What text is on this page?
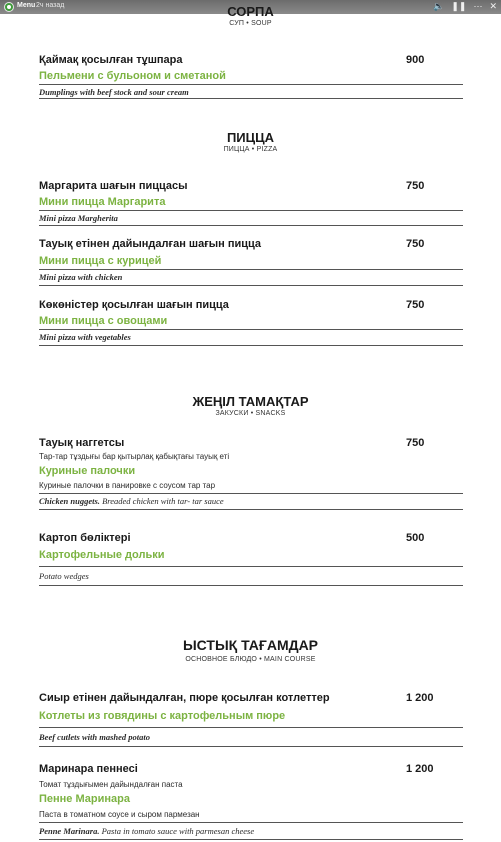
Menu 2ч назад	🔈 ❚❚ ⋯ ✕
СОРПА
СУП • SOUP
Қаймақ қосылған тұшпара	900
Пельмени с бульоном и сметаной
Dumplings with beef stock and sour cream
ПИЦЦА
ПИЦЦА • PIZZA
Маргарита шағын пиццасы	750
Мини пицца Маргарита
Mini pizza Margherita
Тауық етінен дайындалған шағын пицца	750
Мини пицца с курицей
Mini pizza with chicken
Көкөністер қосылған шағын пицца	750
Мини пицца с овощами
Mini pizza with vegetables
ЖЕҢІЛ ТАМАҚТАР
ЗАКУСКИ • SNACKS
Тауық наггетсы	750
Тар-тар тұздығы бар қытырлақ қабықтағы тауық еті
Куриные палочки
Куриные палочки в панировке с соусом тар тар
Chicken nuggets. Breaded chicken with tar- tar sauce
Картоп бөліктері	500
Картофельные дольки
Potato wedges
ЫСТЫҚ ТАҒАМДАР
ОСНОВНОЕ БЛЮДО • MAIN COURSE
Сиыр етінен дайындалған, пюре қосылған котлеттер	1 200
Котлеты из говядины с картофельным пюре
Beef cutlets with mashed potato
Маринара пеннесі	1 200
Томат тұздығымен дайындалған паста
Пенне Маринара
Паста в томатном соусе и сыром пармезан
Penne Marinara. Pasta in tomato sauce with parmesan cheese
